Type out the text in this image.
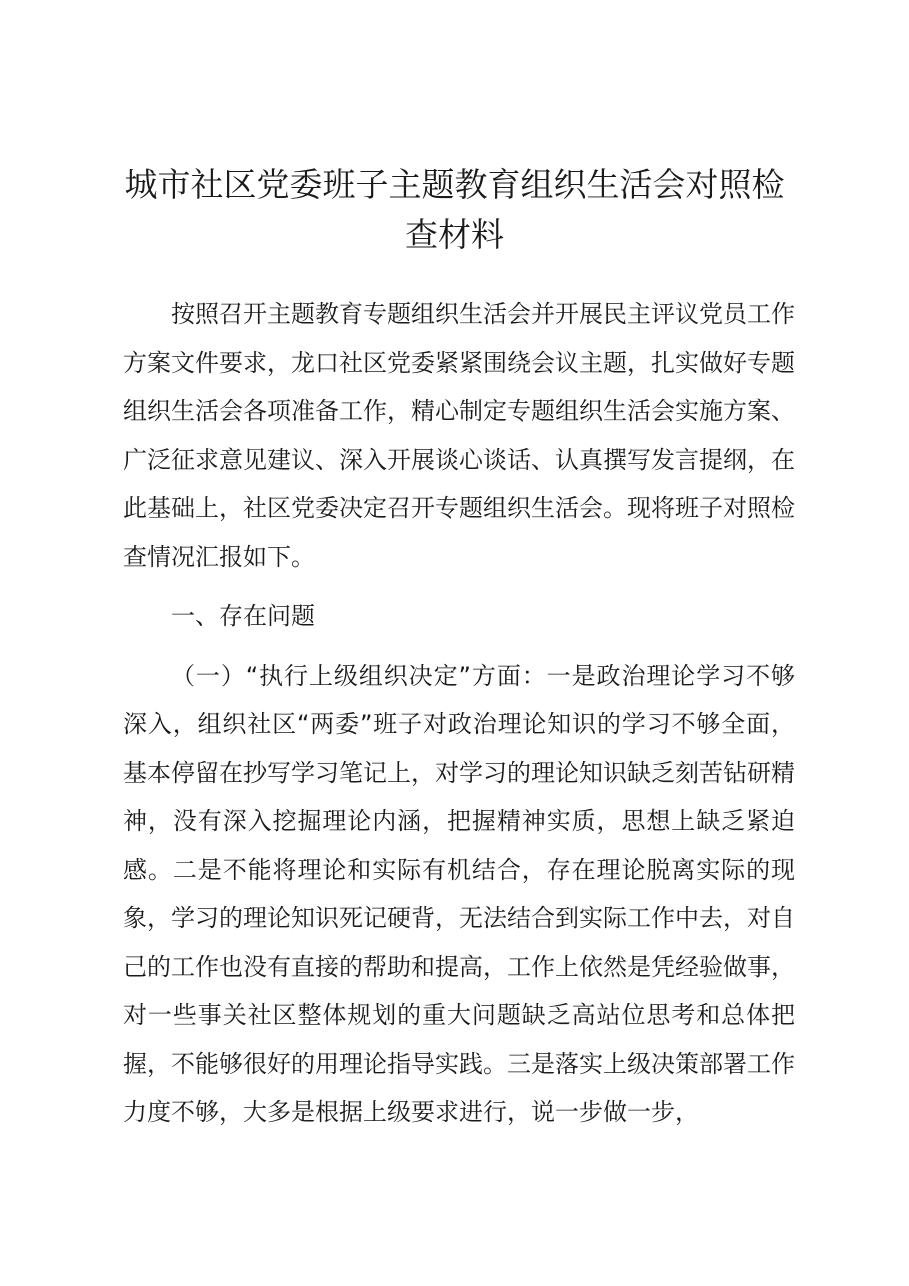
城市社区党委班子主题教育组织生活会对照检查材料

按照召开主题教育专题组织生活会并开展民主评议党员工作方案文件要求，龙口社区党委紧紧围绕会议主题，扎实做好专题组织生活会各项准备工作，精心制定专题组织生活会实施方案、广泛征求意见建议、深入开展谈心谈话、认真撰写发言提纲，在此基础上，社区党委决定召开专题组织生活会。现将班子对照检查情况汇报如下。

一、存在问题

（一）“执行上级组织决定”方面：一是政治理论学习不够深入，组织社区“两委”班子对政治理论知识的学习不够全面，基本停留在抄写学习笔记上，对学习的理论知识缺乏刻苦钻研精神，没有深入挖掘理论内涵，把握精神实质，思想上缺乏紧迫感。二是不能将理论和实际有机结合，存在理论脱离实际的现象，学习的理论知识死记硬背，无法结合到实际工作中去，对自己的工作也没有直接的帮助和提高，工作上依然是凭经验做事，对一些事关社区整体规划的重大问题缺乏高站位思考和总体把握，不能够很好的用理论指导实践。三是落实上级决策部署工作力度不够，大多是根据上级要求进行，说一步做一步，
